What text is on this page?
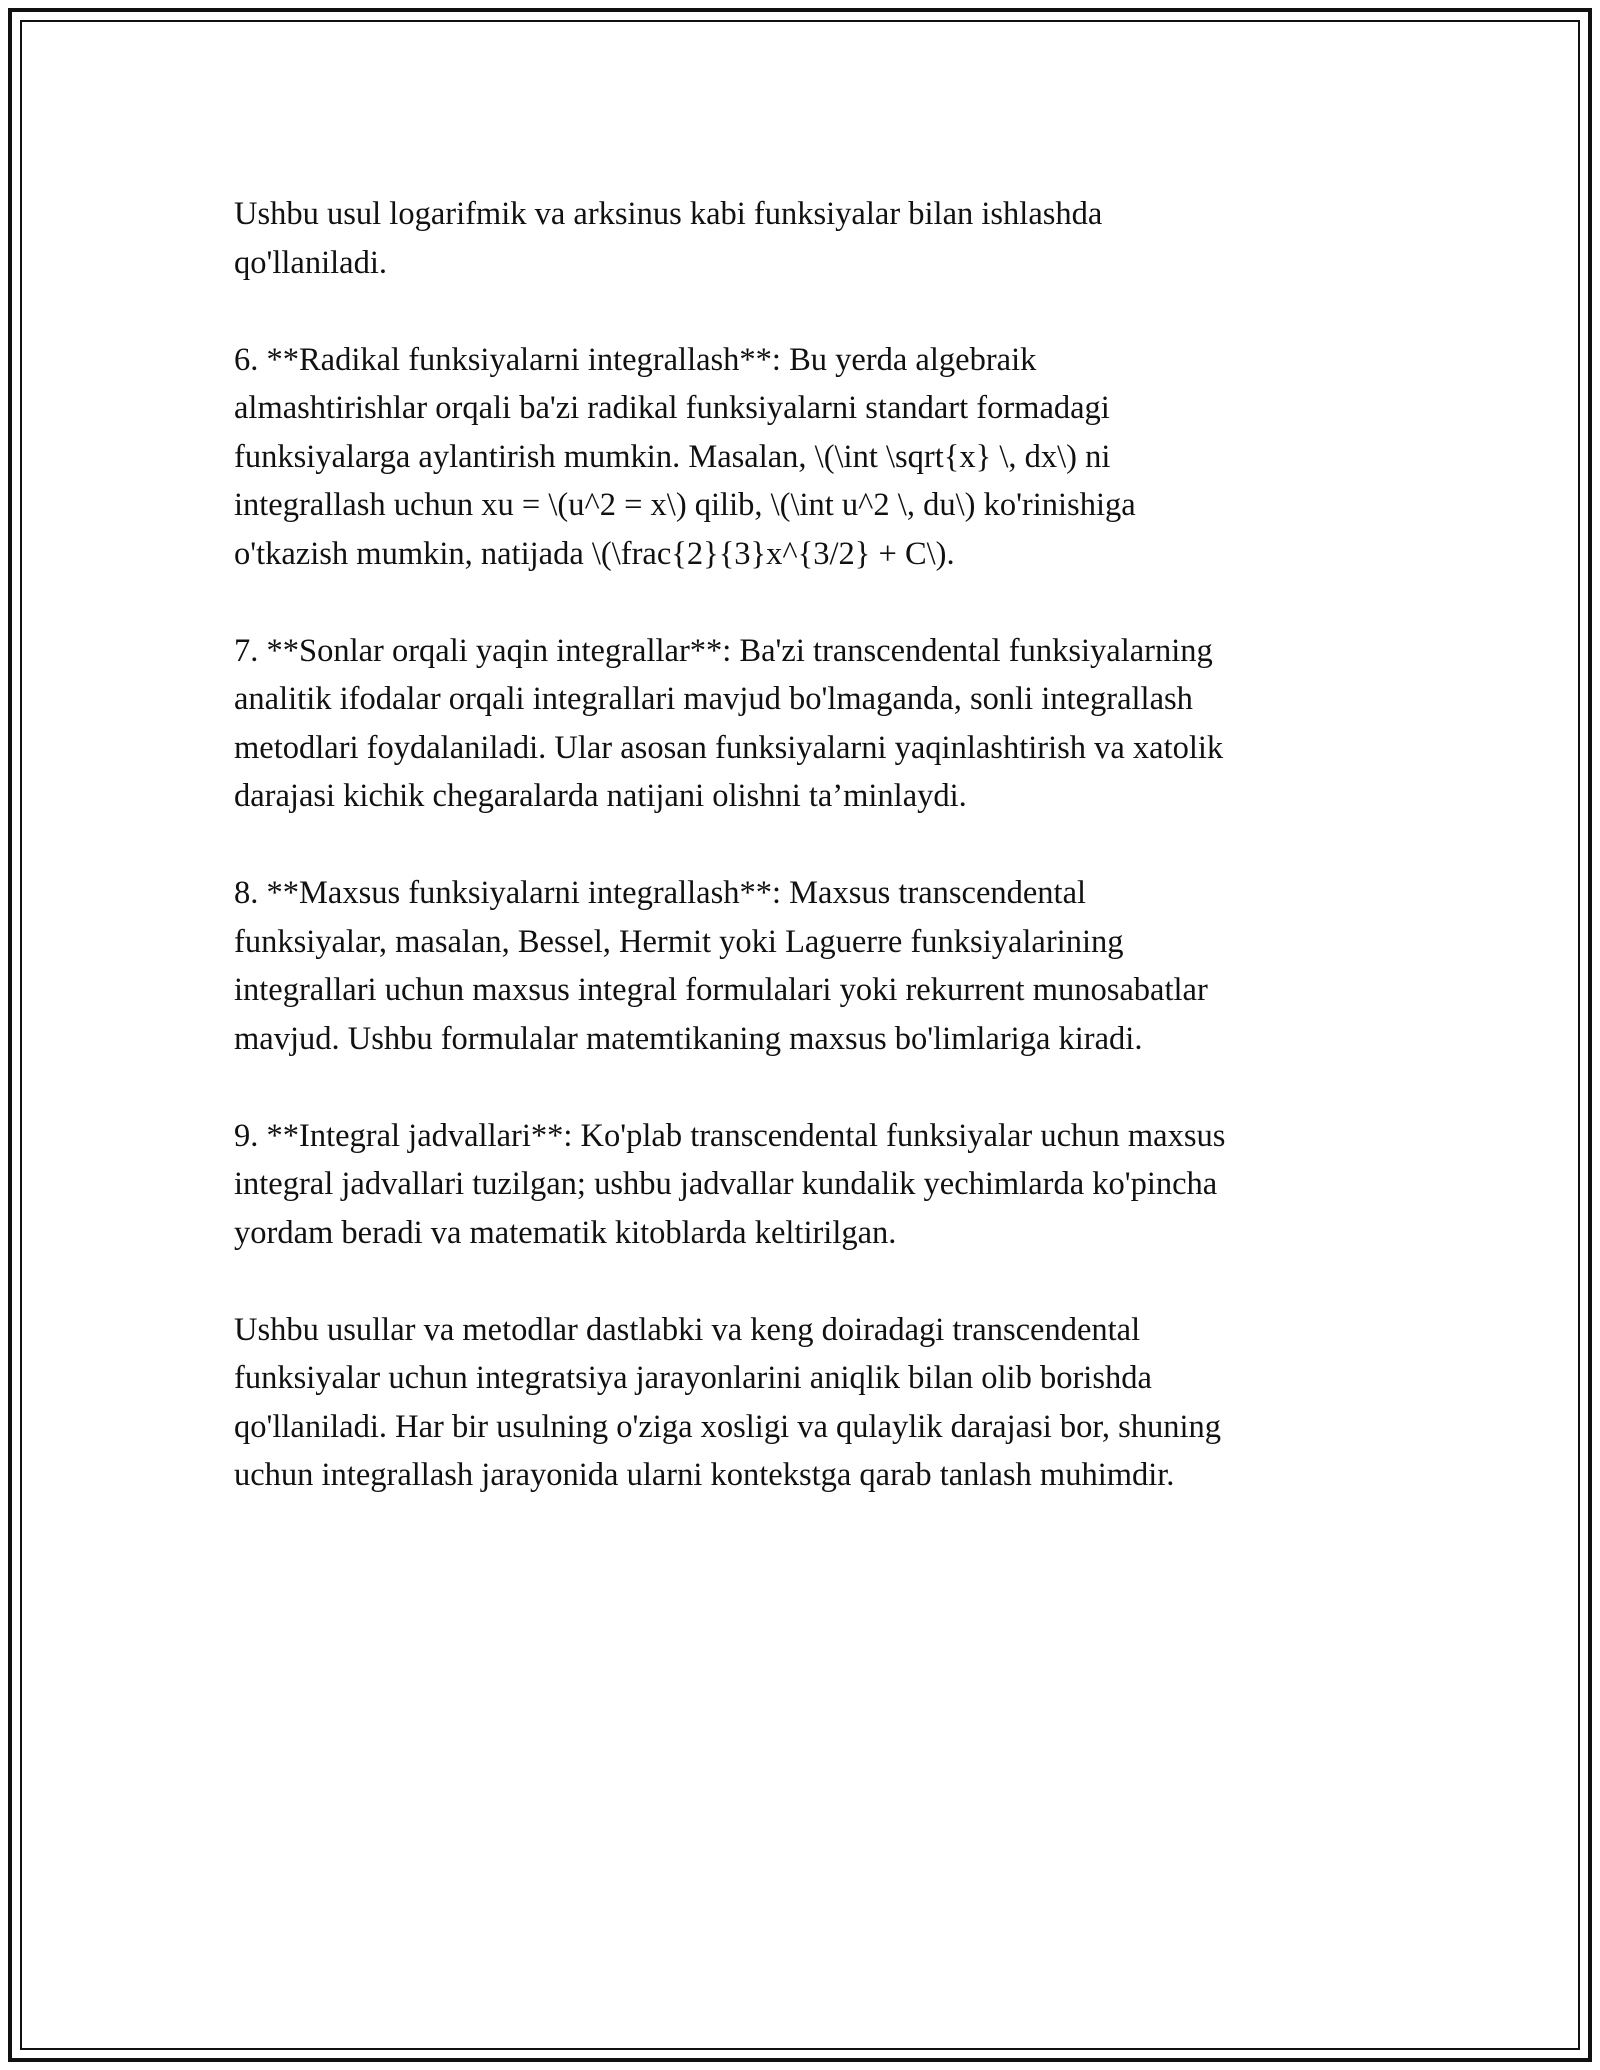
Ushbu usul logarifmik va arksinus kabi funksiyalar bilan ishlashda
qo'llaniladi.

6. **Radikal funksiyalarni integrallash**: Bu yerda algebraik
almashtirishlar orqali ba'zi radikal funksiyalarni standart formadagi
funksiyalarga aylantirish mumkin. Masalan, \(\int \sqrt{x} \, dx\) ni
integrallash uchun xu = \(u^2 = x\) qilib, \(\int u^2 \, du\) ko'rinishiga
o'tkazish mumkin, natijada \(\frac{2}{3}x^{3/2} + C\).

7. **Sonlar orqali yaqin integrallar**: Ba'zi transcendental funksiyalarning
analitik ifodalar orqali integrallari mavjud bo'lmaganda, sonli integrallash
metodlari foydalaniladi. Ular asosan funksiyalarni yaqinlashtirish va xatolik
darajasi kichik chegaralarda natijani olishni ta’minlaydi.

8. **Maxsus funksiyalarni integrallash**: Maxsus transcendental
funksiyalar, masalan, Bessel, Hermit yoki Laguerre funksiyalarining
integrallari uchun maxsus integral formulalari yoki rekurrent munosabatlar
mavjud. Ushbu formulalar matemtikaning maxsus bo'limlariga kiradi.

9. **Integral jadvallari**: Ko'plab transcendental funksiyalar uchun maxsus
integral jadvallari tuzilgan; ushbu jadvallar kundalik yechimlarda ko'pincha
yordam beradi va matematik kitoblarda keltirilgan.

Ushbu usullar va metodlar dastlabki va keng doiradagi transcendental
funksiyalar uchun integratsiya jarayonlarini aniqlik bilan olib borishda
qo'llaniladi. Har bir usulning o'ziga xosligi va qulaylik darajasi bor, shuning
uchun integrallash jarayonida ularni kontekstga qarab tanlash muhimdir.
